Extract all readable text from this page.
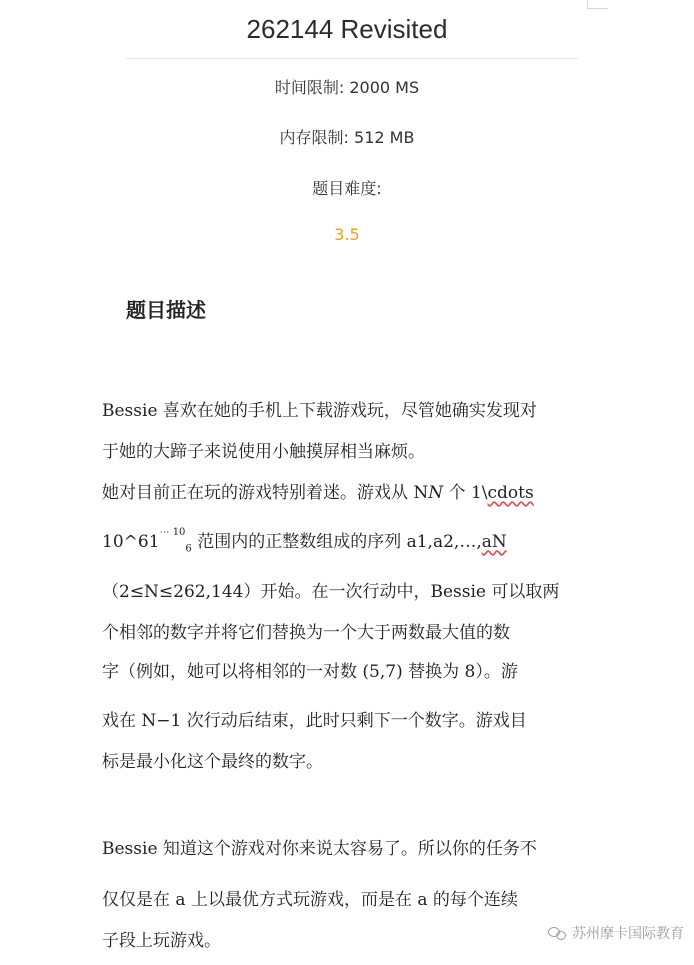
262144 Revisited
时间限制: 2000 MS
内存限制: 512 MB
题目难度:
3.5
题目描述
Bessie 喜欢在她的手机上下载游戏玩，尽管她确实发现对
于她的大蹄子来说使用小触摸屏相当麻烦。
她对目前正在玩的游戏特别着迷。游戏从 NN 个 1\cdots
$10\^{}61^{\cdots 10}_6$ 范围内的正整数组成的序列 a1,a2,…,aN
（2≤N≤262,144）开始。在一次行动中，Bessie 可以取两
个相邻的数字并将它们替换为一个大于两数最大值的数
字（例如，她可以将相邻的一对数 (5,7) 替换为 8）。游
戏在 N−1 次行动后结束，此时只剩下一个数字。游戏目
标是最小化这个最终的数字。
Bessie 知道这个游戏对你来说太容易了。所以你的任务不
仅仅是在 a 上以最优方式玩游戏，而是在 a 的每个连续
子段上玩游戏。	苏州摩卡国际教育
